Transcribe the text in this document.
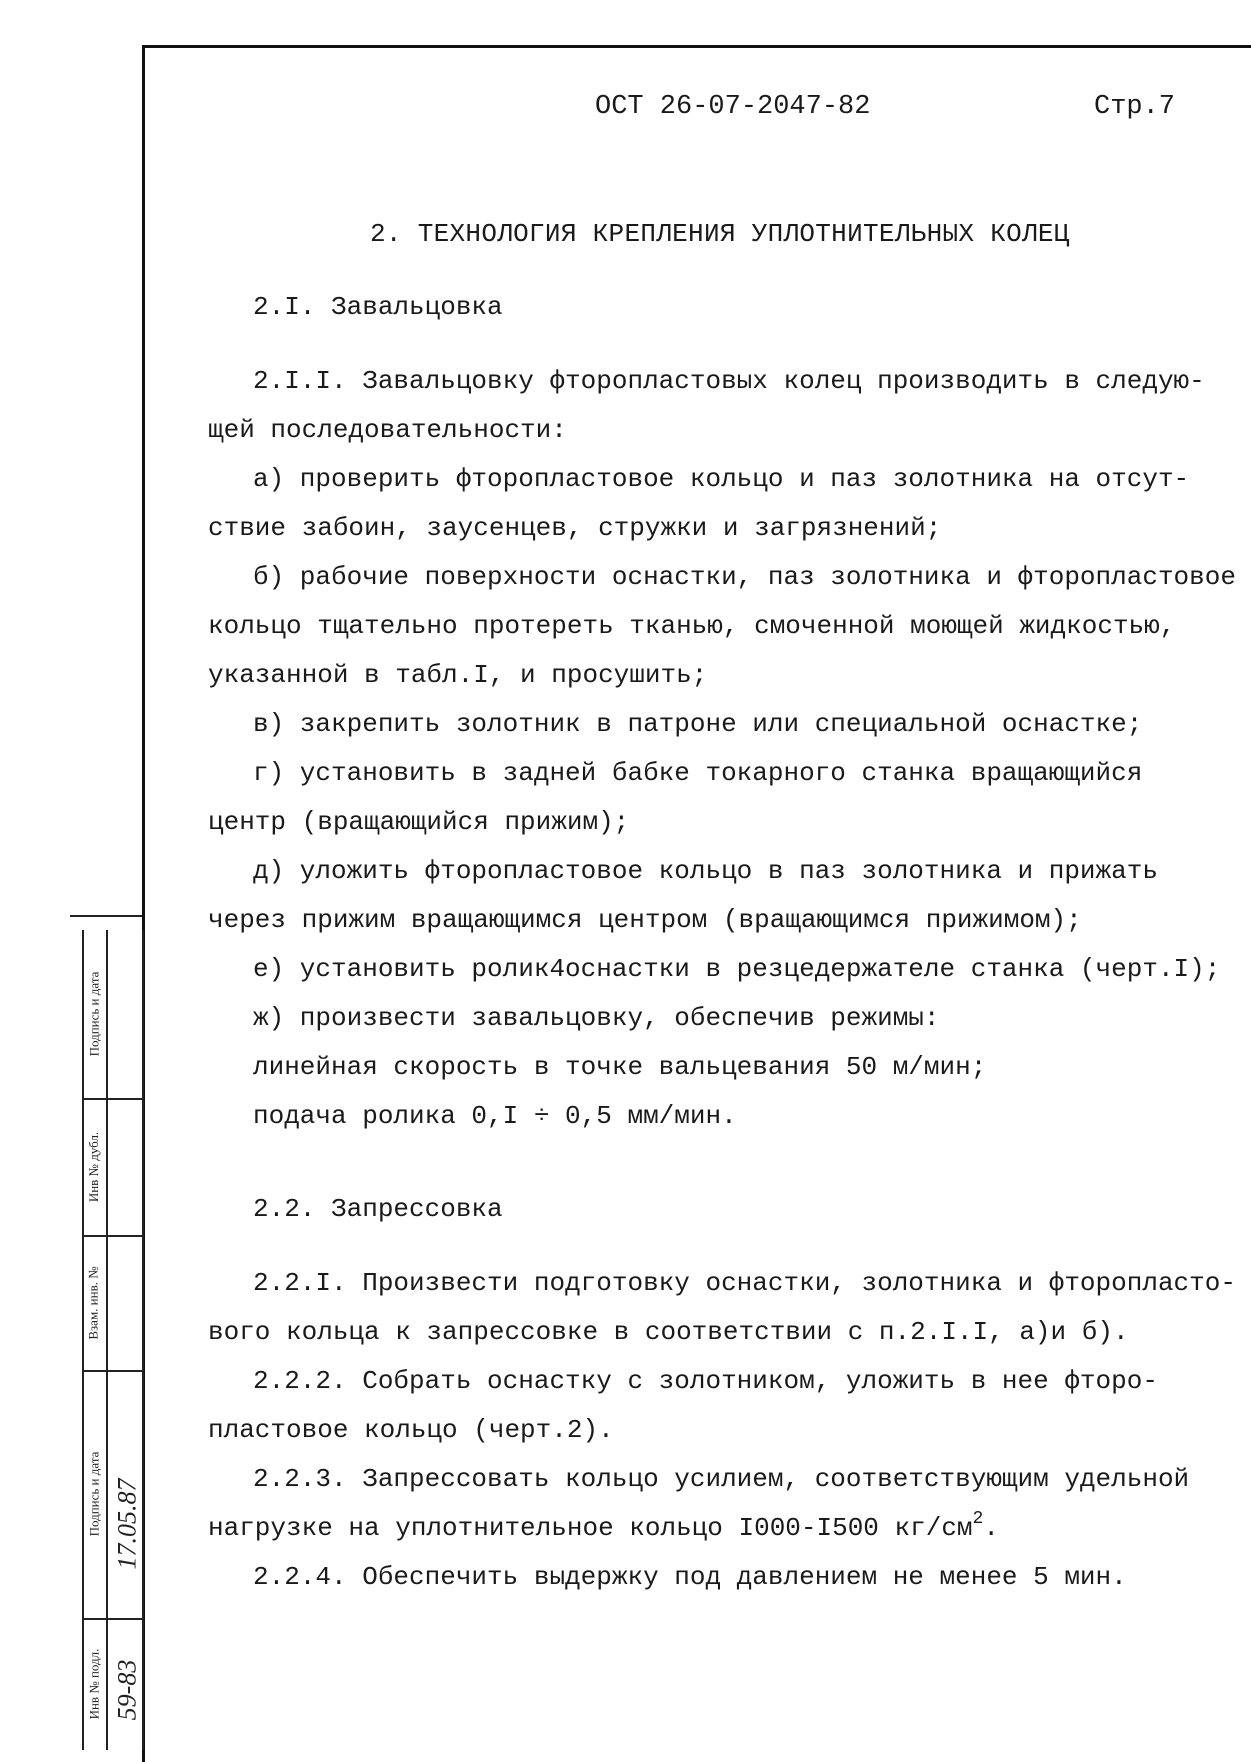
ОСТ 26-07-2047-82	Стр.7
2. ТЕХНОЛОГИЯ КРЕПЛЕНИЯ УПЛОТНИТЕЛЬНЫХ КОЛЕЦ
2.I. Завальцовка
2.I.I. Завальцовку фторопластовых колец производить в следую-
щей последовательности:
а) проверить фторопластовое кольцо и паз золотника на отсут-
ствие забоин, заусенцев, стружки и загрязнений;
б) рабочие поверхности оснастки, паз золотника и фторопластовое
кольцо тщательно протереть тканью, смоченной моющей жидкостью,
указанной в табл.I, и просушить;
в) закрепить золотник в патроне или специальной оснастке;
г) установить в задней бабке токарного станка вращающийся
центр (вращающийся прижим);
д) уложить фторопластовое кольцо в паз золотника и прижать
через прижим вращающимся центром (вращающимся прижимом);
е) установить ролик4оснастки в резцедержателе станка (черт.I);
ж) произвести завальцовку, обеспечив режимы:
линейная скорость в точке вальцевания 50 м/мин;
подача ролика 0,I ÷ 0,5 мм/мин.
2.2. Запрессовка
2.2.I. Произвести подготовку оснастки, золотника и фторопласто-
вого кольца к запрессовке в соответствии с п.2.I.I, а)и б).
2.2.2. Собрать оснастку с золотником, уложить в нее фторо-
пластовое кольцо (черт.2).
2.2.3. Запрессовать кольцо усилием, соответствующим удельной
нагрузке на уплотнительное кольцо I000-I500 $кг/см^2$.
2.2.4. Обеспечить выдержку под давлением не менее 5 мин.
Подпись и дата
Инв № дубл.
Взам. инв. №
Подпись и дата
Инв № подл.
17.05.87
59-83
